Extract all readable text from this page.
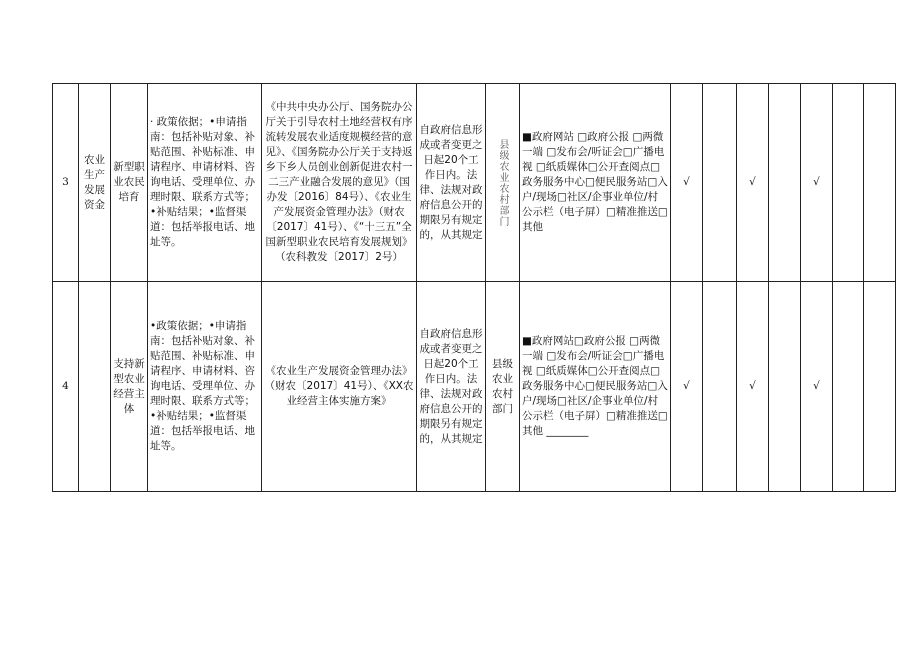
3	农业生产发展资金	新型职业农民培育	· 政策依据；•申请指南：包括补贴对象、补贴范围、补贴标准、申请程序、申请材料、咨询电话、受理单位、办理时限、联系方式等；•补贴结果；•监督渠道：包括举报电话、地址等。	《中共中央办公厅、国务院办公厅关于引导农村土地经营权有序流转发展农业适度规模经营的意见》、《国务院办公厅关于支持返乡下乡人员创业创新促进农村一二三产业融合发展的意见》（国办发〔2016〕84号）、《农业生产发展资金管理办法》（财农〔2017〕41号）、《“十三五”全国新型职业农民培育发展规划》（农科教发〔2017〕2号）	自政府信息形成或者变更之日起20个工作日内。法律、法规对政府信息公开的期限另有规定的，从其规定	县级农业农村部门	■政府网站 □政府公报 □两微一端 □发布会/听证会□广播电视 □纸质媒体□公开查阅点□政务服务中心□便民服务站□入户/现场□社区/企事业单位/村公示栏（电子屏）□精准推送□其他	√		√		√		
4		支持新型农业经营主体	•政策依据；•申请指南：包括补贴对象、补贴范围、补贴标准、申请程序、申请材料、咨询电话、受理单位、办理时限、联系方式等；•补贴结果；•监督渠道：包括举报电话、地址等。	《农业生产发展资金管理办法》（财农〔2017〕41号）、《XX农业经营主体实施方案》	自政府信息形成或者变更之日起20个工作日内。法律、法规对政府信息公开的期限另有规定的，从其规定	县级农业农村部门	■政府网站□政府公报 □两微一端 □发布会/听证会□广播电视 □纸质媒体□公开查阅点□政务服务中心□便民服务站□入户/现场□社区/企事业单位/村公示栏（电子屏）□精准推送□其他 ________	√		√		√		
